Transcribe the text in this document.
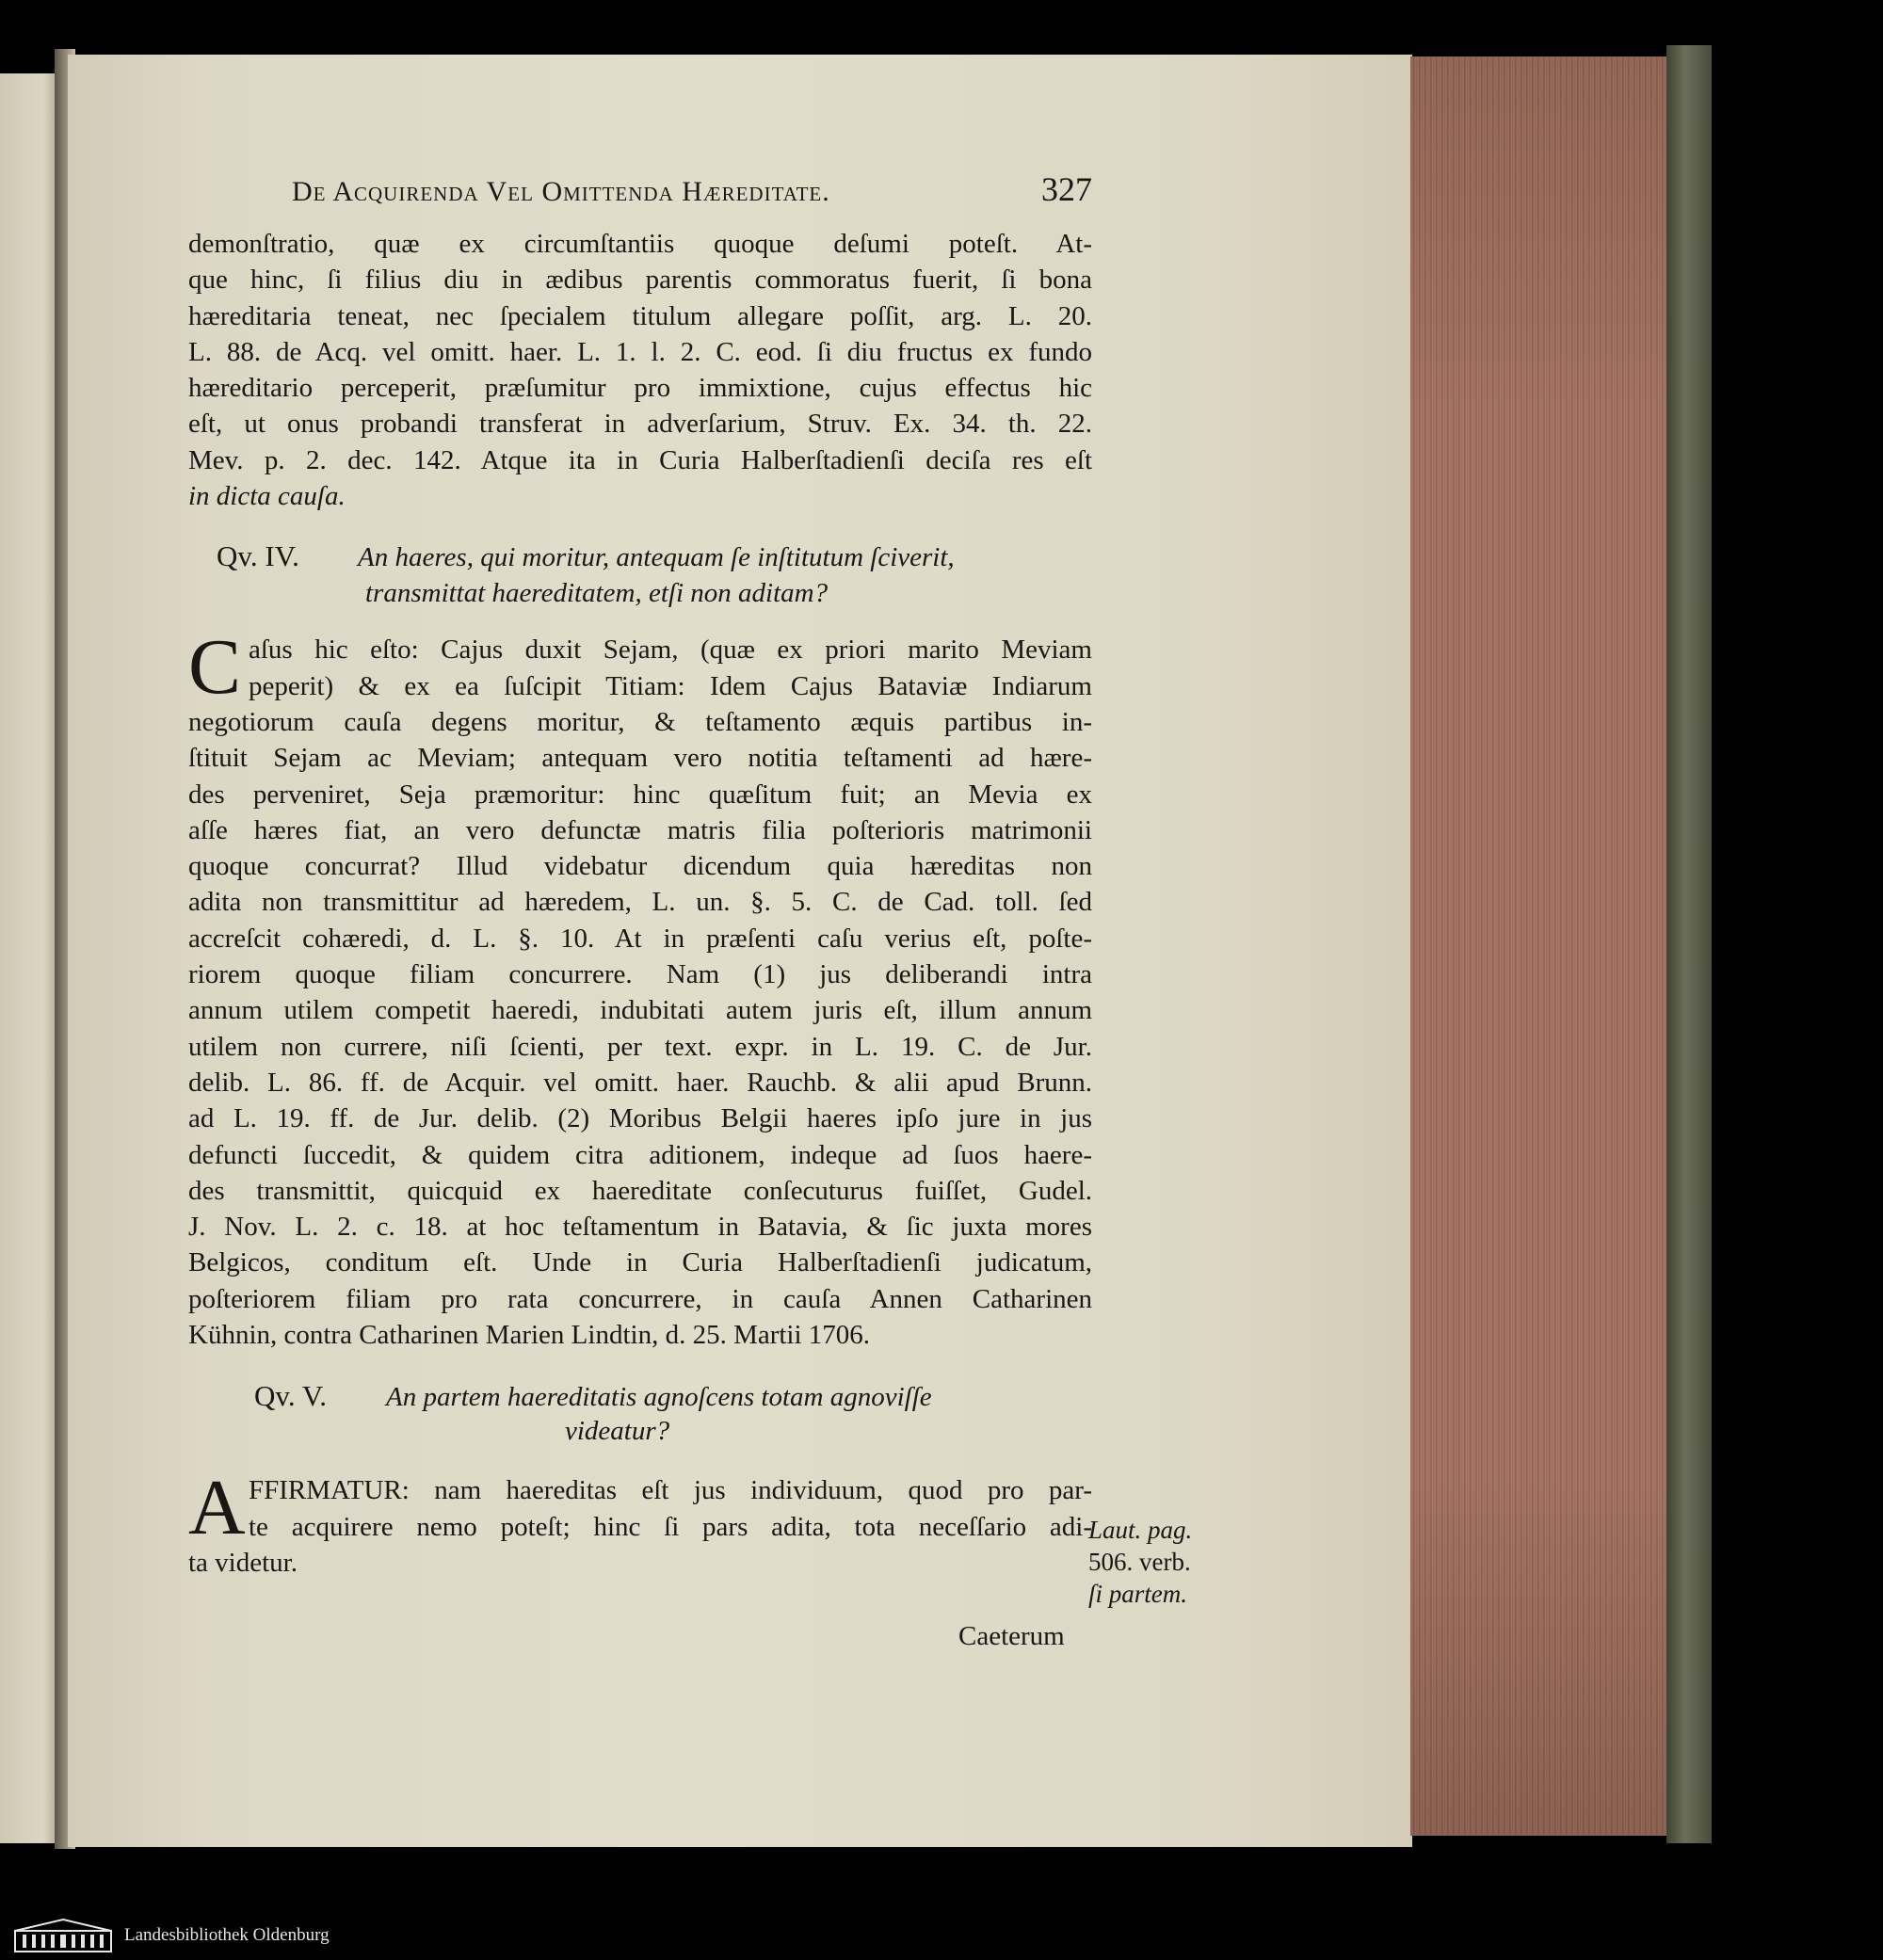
De Acquirenda Vel Omittenda Hæreditate.	327
demonſtratio, quæ ex circumſtantiis quoque deſumi poteſt. At-
que hinc, ſi filius diu in ædibus parentis commoratus fuerit, ſi bona
hæreditaria teneat, nec ſpecialem titulum allegare poſſit, arg. L. 20.
L. 88. de Acq. vel omitt. haer. L. 1. l. 2. C. eod. ſi diu fructus ex fundo
hæreditario perceperit, præſumitur pro immixtione, cujus effectus hic
eſt, ut onus probandi transferat in adverſarium, Struv. Ex. 34. th. 22.
Mev. p. 2. dec. 142. Atque ita in Curia Halberſtadienſi deciſa res eſt
in dicta cauſa.
Qv. IV. An haeres, qui moritur, antequam ſe inſtitutum ſciverit,
transmittat haereditatem, etſi non aditam?
C aſus hic eſto: Cajus duxit Sejam, (quæ ex priori marito Meviam
peperit) & ex ea ſuſcipit Titiam: Idem Cajus Bataviæ Indiarum
negotiorum cauſa degens moritur, & teſtamento æquis partibus in-
ſtituit Sejam ac Meviam; antequam vero notitia teſtamenti ad hære-
des perveniret, Seja præmoritur: hinc quæſitum fuit; an Mevia ex
aſſe hæres fiat, an vero defunctæ matris filia poſterioris matrimonii
quoque concurrat? Illud videbatur dicendum quia hæreditas non
adita non transmittitur ad hæredem, L. un. §. 5. C. de Cad. toll. ſed
accreſcit cohæredi, d. L. §. 10. At in præſenti caſu verius eſt, poſte-
riorem quoque filiam concurrere. Nam (1) jus deliberandi intra
annum utilem competit haeredi, indubitati autem juris eſt, illum annum
utilem non currere, niſi ſcienti, per text. expr. in L. 19. C. de Jur.
delib. L. 86. ff. de Acquir. vel omitt. haer. Rauchb. & alii apud Brunn.
ad L. 19. ff. de Jur. delib. (2) Moribus Belgii haeres ipſo jure in jus
defuncti ſuccedit, & quidem citra aditionem, indeque ad ſuos haere-
des transmittit, quicquid ex haereditate conſecuturus fuiſſet, Gudel.
J. Nov. L. 2. c. 18. at hoc teſtamentum in Batavia, & ſic juxta mores
Belgicos, conditum eſt. Unde in Curia Halberſtadienſi judicatum,
poſteriorem filiam pro rata concurrere, in cauſa Annen Catharinen
Kühnin, contra Catharinen Marien Lindtin, d. 25. Martii 1706.
Qv. V. An partem haereditatis agnoſcens totam agnoviſſe
videatur?
A FFIRMATUR: nam haereditas eſt jus individuum, quod pro par-
te acquirere nemo poteſt; hinc ſi pars adita, tota neceſſario adi-
ta videtur.
Laut. pag.
506. verb.
ſi partem.
Caeterum
Landesbibliothek Oldenburg
